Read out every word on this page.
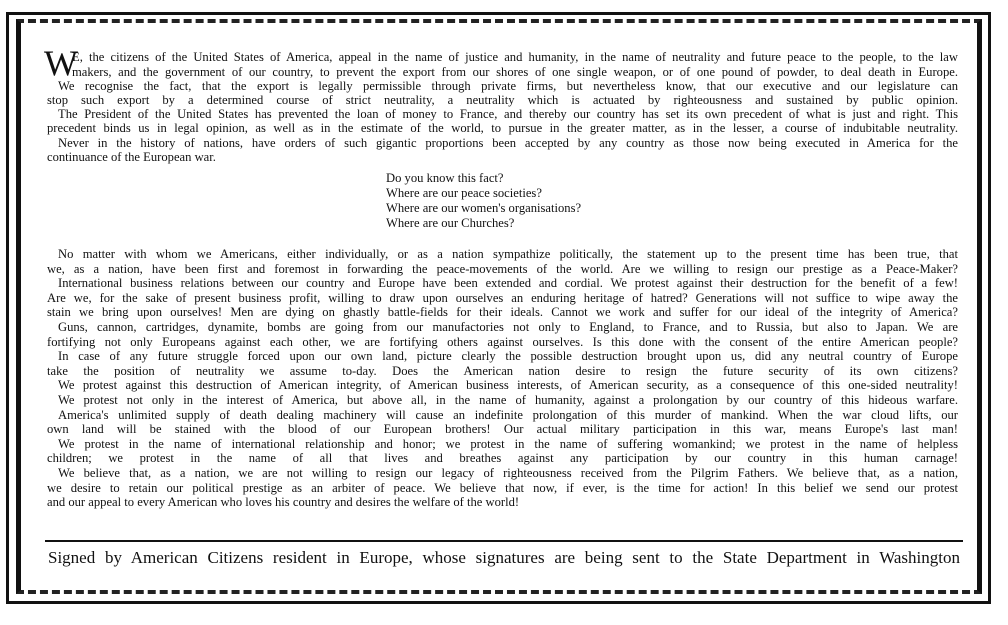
W
E, the citizens of the United States of America, appeal in the name of justice and humanity, in the name of neutrality and future peace to the people, to the law
makers, and the government of our country, to prevent the export from our shores of one single weapon, or of one pound of powder, to deal death in Europe.
We recognise the fact, that the export is legally permissible through private firms, but nevertheless know, that our executive and our legislature can
stop such export by a determined course of strict neutrality, a neutrality which is actuated by righteousness and sustained by public opinion.
The President of the United States has prevented the loan of money to France, and thereby our country has set its own precedent of what is just and right. This
precedent binds us in legal opinion, as well as in the estimate of the world, to pursue in the greater matter, as in the lesser, a course of indubitable neutrality.
Never in the history of nations, have orders of such gigantic proportions been accepted by any country as those now being executed in America for the
continuance of the European war.
Do you know this fact?
Where are our peace societies?
Where are our women's organisations?
Where are our Churches?
No matter with whom we Americans, either individually, or as a nation sympathize politically, the statement up to the present time has been true, that
we, as a nation, have been first and foremost in forwarding the peace-movements of the world. Are we willing to resign our prestige as a Peace-Maker?
International business relations between our country and Europe have been extended and cordial. We protest against their destruction for the benefit of a few!
Are we, for the sake of present business profit, willing to draw upon ourselves an enduring heritage of hatred? Generations will not suffice to wipe away the
stain we bring upon ourselves! Men are dying on ghastly battle-fields for their ideals. Cannot we work and suffer for our ideal of the integrity of America?
Guns, cannon, cartridges, dynamite, bombs are going from our manufactories not only to England, to France, and to Russia, but also to Japan. We are
fortifying not only Europeans against each other, we are fortifying others against ourselves. Is this done with the consent of the entire American people?
In case of any future struggle forced upon our own land, picture clearly the possible destruction brought upon us, did any neutral country of Europe
take the position of neutrality we assume to-day. Does the American nation desire to resign the future security of its own citizens?
We protest against this destruction of American integrity, of American business interests, of American security, as a consequence of this one-sided neutrality!
We protest not only in the interest of America, but above all, in the name of humanity, against a prolongation by our country of this hideous warfare.
America's unlimited supply of death dealing machinery will cause an indefinite prolongation of this murder of mankind. When the war cloud lifts, our
own land will be stained with the blood of our European brothers! Our actual military participation in this war, means Europe's last man!
We protest in the name of international relationship and honor; we protest in the name of suffering womankind; we protest in the name of helpless
children; we protest in the name of all that lives and breathes against any participation by our country in this human carnage!
We believe that, as a nation, we are not willing to resign our legacy of righteousness received from the Pilgrim Fathers. We believe that, as a nation,
we desire to retain our political prestige as an arbiter of peace. We believe that now, if ever, is the time for action! In this belief we send our protest
and our appeal to every American who loves his country and desires the welfare of the world!
Signed by American Citizens resident in Europe, whose signatures are being sent to the State Department in Washington
